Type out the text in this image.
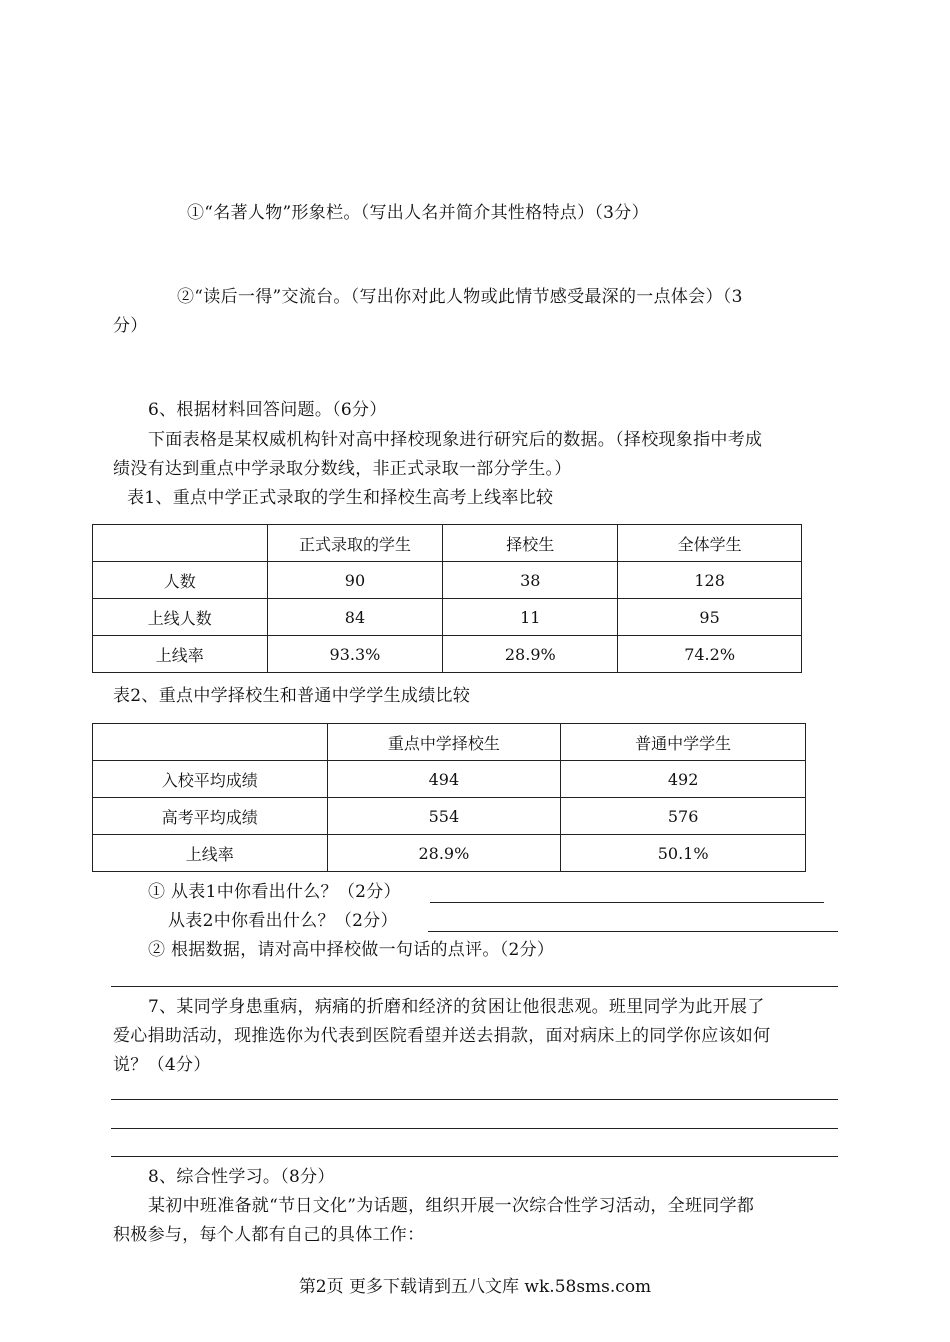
①“名著人物”形象栏。（写出人名并简介其性格特点）（3分）
②“读后一得”交流台。（写出你对此人物或此情节感受最深的一点体会）（3
分）
6、根据材料回答问题。（6分）
下面表格是某权威机构针对高中择校现象进行研究后的数据。（择校现象指中考成
绩没有达到重点中学录取分数线，非正式录取一部分学生。）
表1、重点中学正式录取的学生和择校生高考上线率比较
	正式录取的学生	择校生	全体学生
人数	90	38	128
上线人数	84	11	95
上线率	93.3%	28.9%	74.2%
表2、重点中学择校生和普通中学学生成绩比较
	重点中学择校生	普通中学学生
入校平均成绩	494	492
高考平均成绩	554	576
上线率	28.9%	50.1%
① 从表1中你看出什么？（2分）
从表2中你看出什么？（2分）
② 根据数据，请对高中择校做一句话的点评。（2分）
7、某同学身患重病，病痛的折磨和经济的贫困让他很悲观。班里同学为此开展了
爱心捐助活动，现推选你为代表到医院看望并送去捐款，面对病床上的同学你应该如何
说？（4分）
8、综合性学习。（8分）
某初中班准备就“节日文化”为话题，组织开展一次综合性学习活动，全班同学都
积极参与，每个人都有自己的具体工作：
第2页 更多下载请到五八文库 wk.58sms.com
